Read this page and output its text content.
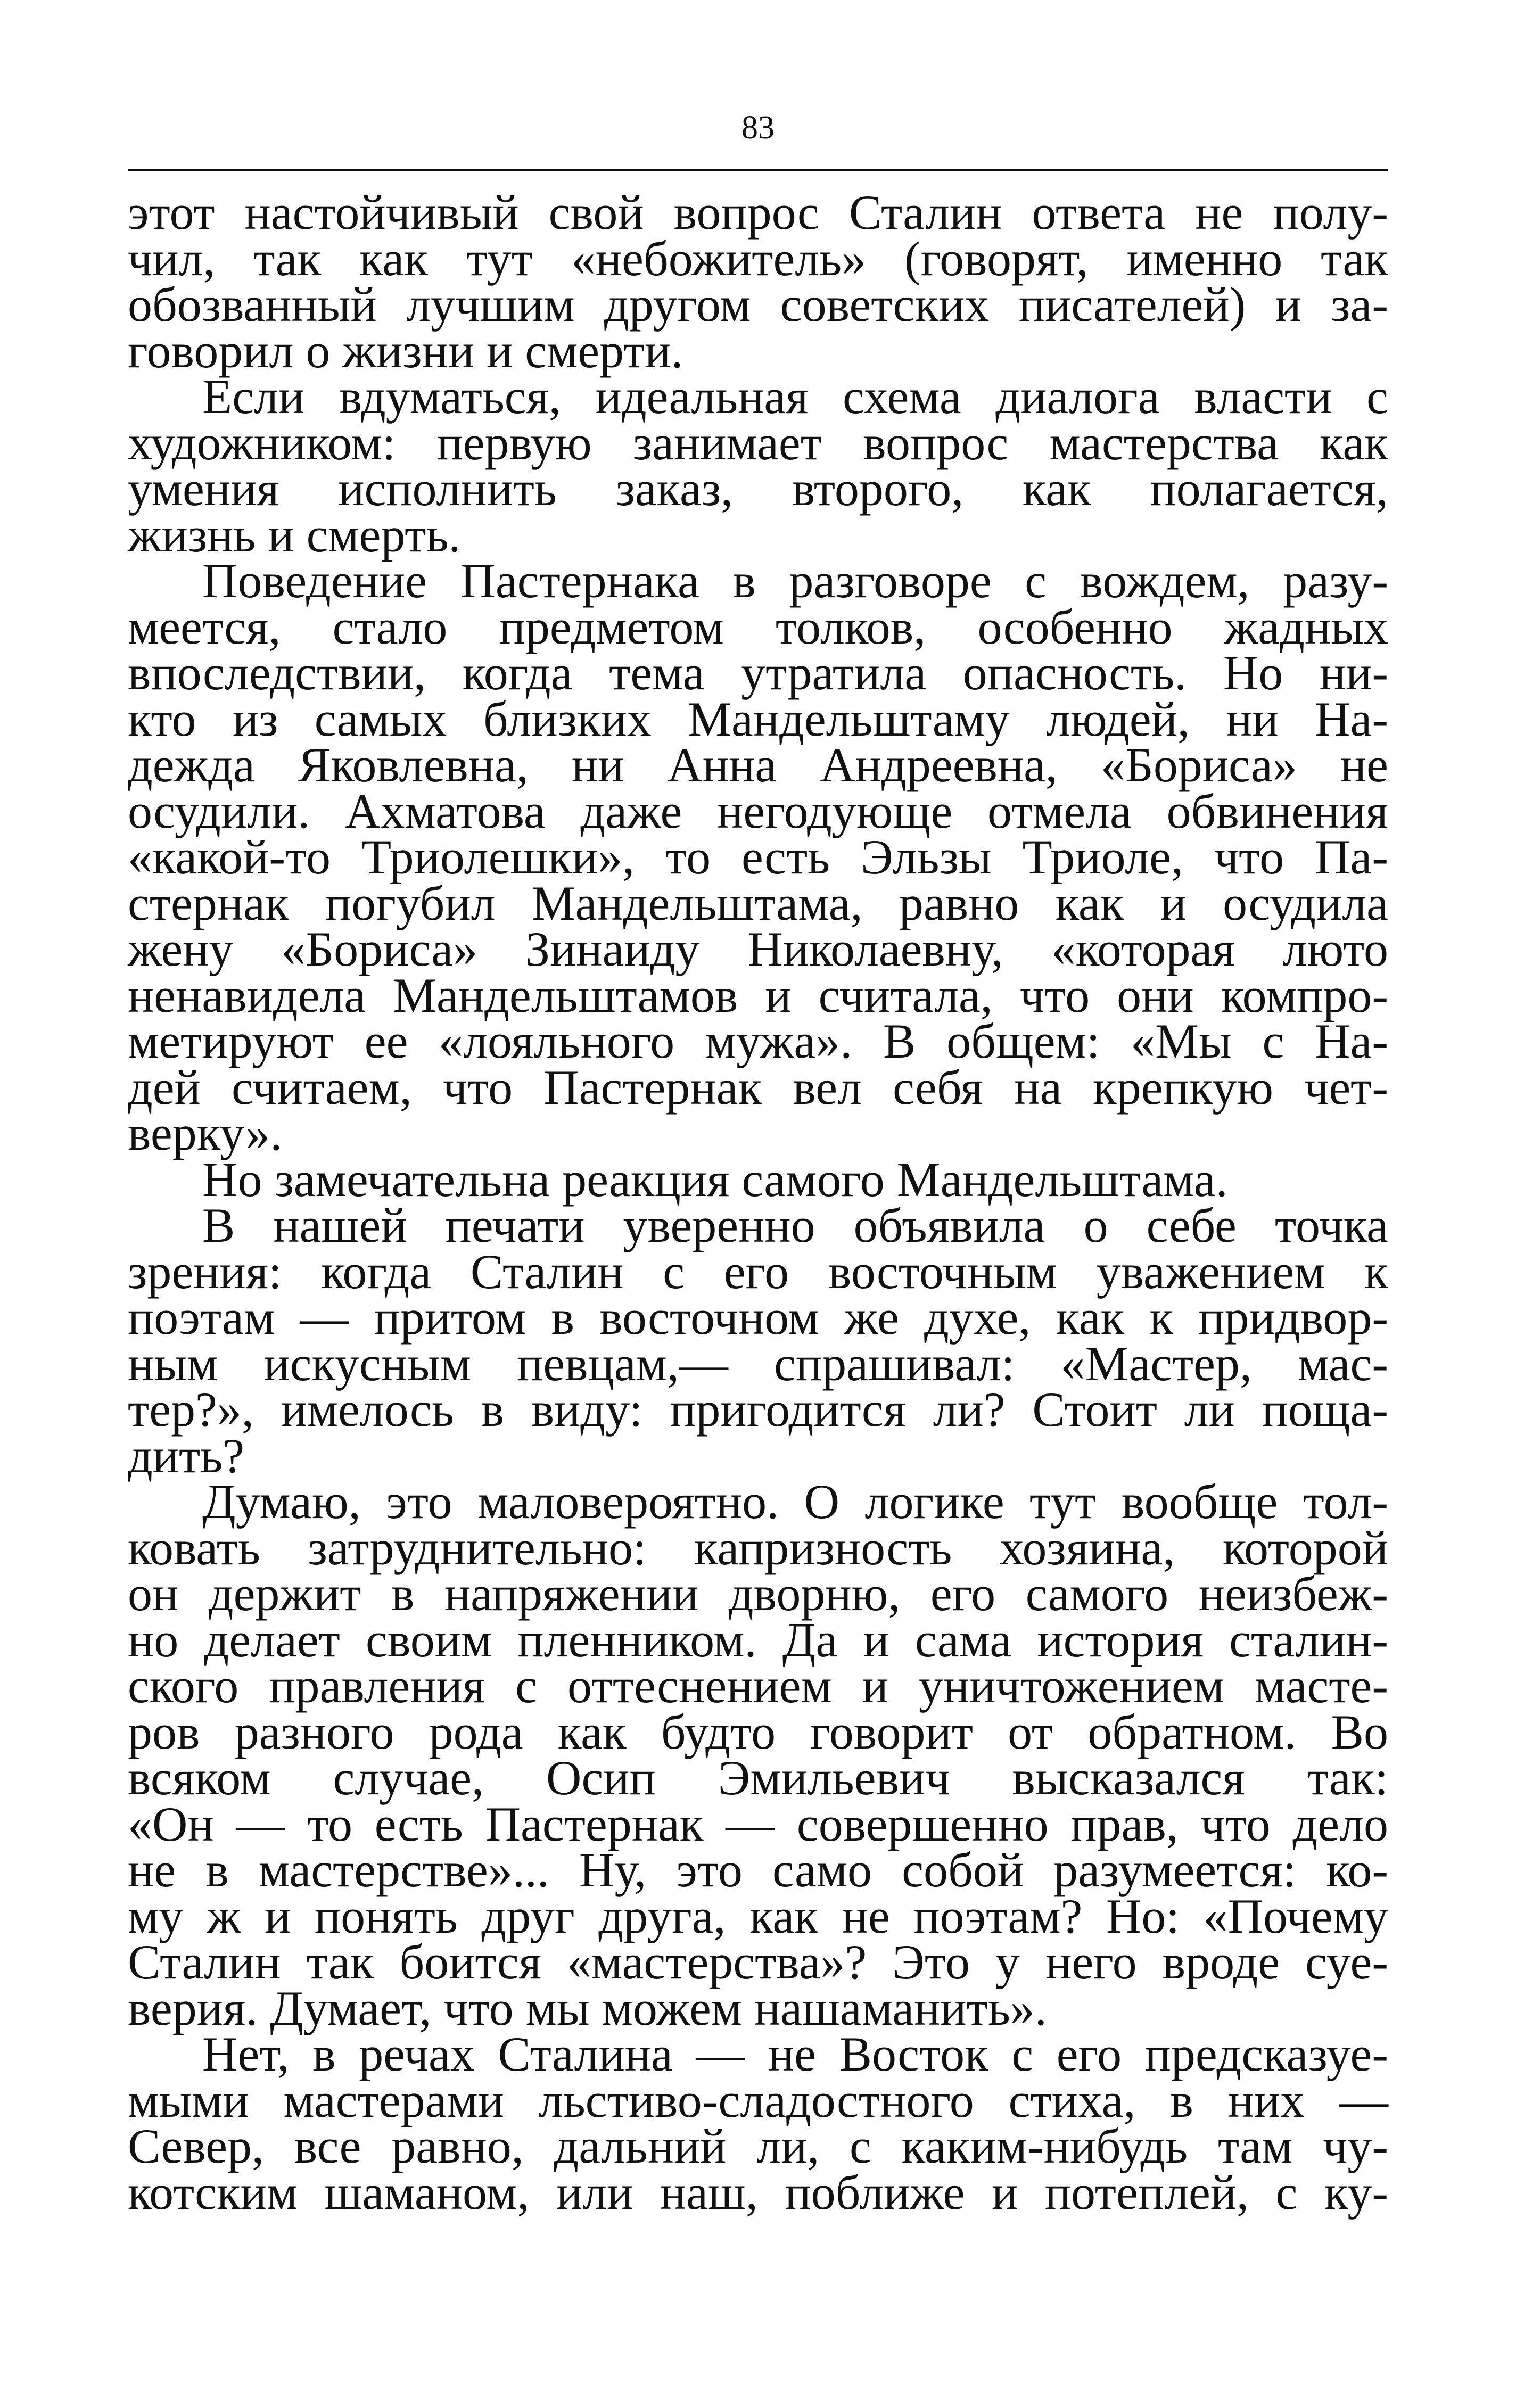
83
этот настойчивый свой вопрос Сталин ответа не полу-
чил, так как тут «небожитель» (говорят, именно так
обозванный лучшим другом советских писателей) и за-
говорил о жизни и смерти.
Если вдуматься, идеальная схема диалога власти с
художником: первую занимает вопрос мастерства как
умения исполнить заказ, второго, как полагается,
жизнь и смерть.
Поведение Пастернака в разговоре с вождем, разу-
меется, стало предметом толков, особенно жадных
впоследствии, когда тема утратила опасность. Но ни-
кто из самых близких Мандельштаму людей, ни На-
дежда Яковлевна, ни Анна Андреевна, «Бориса» не
осудили. Ахматова даже негодующе отмела обвинения
«какой-то Триолешки», то есть Эльзы Триоле, что Па-
стернак погубил Мандельштама, равно как и осудила
жену «Бориса» Зинаиду Николаевну, «которая люто
ненавидела Мандельштамов и считала, что они компро-
метируют ее «лояльного мужа». В общем: «Мы с На-
дей считаем, что Пастернак вел себя на крепкую чет-
верку».
Но замечательна реакция самого Мандельштама.
В нашей печати уверенно объявила о себе точка
зрения: когда Сталин с его восточным уважением к
поэтам — притом в восточном же духе, как к придвор-
ным искусным певцам,— спрашивал: «Мастер, мас-
тер?», имелось в виду: пригодится ли? Стоит ли поща-
дить?
Думаю, это маловероятно. О логике тут вообще тол-
ковать затруднительно: капризность хозяина, которой
он держит в напряжении дворню, его самого неизбеж-
но делает своим пленником. Да и сама история сталин-
ского правления с оттеснением и уничтожением масте-
ров разного рода как будто говорит от обратном. Во
всяком случае, Осип Эмильевич высказался так:
«Он — то есть Пастернак — совершенно прав, что дело
не в мастерстве»... Ну, это само собой разумеется: ко-
му ж и понять друг друга, как не поэтам? Но: «Почему
Сталин так боится «мастерства»? Это у него вроде суе-
верия. Думает, что мы можем нашаманить».
Нет, в речах Сталина — не Восток с его предсказуе-
мыми мастерами льстиво-сладостного стиха, в них —
Север, все равно, дальний ли, с каким-нибудь там чу-
котским шаманом, или наш, поближе и потеплей, с ку-
